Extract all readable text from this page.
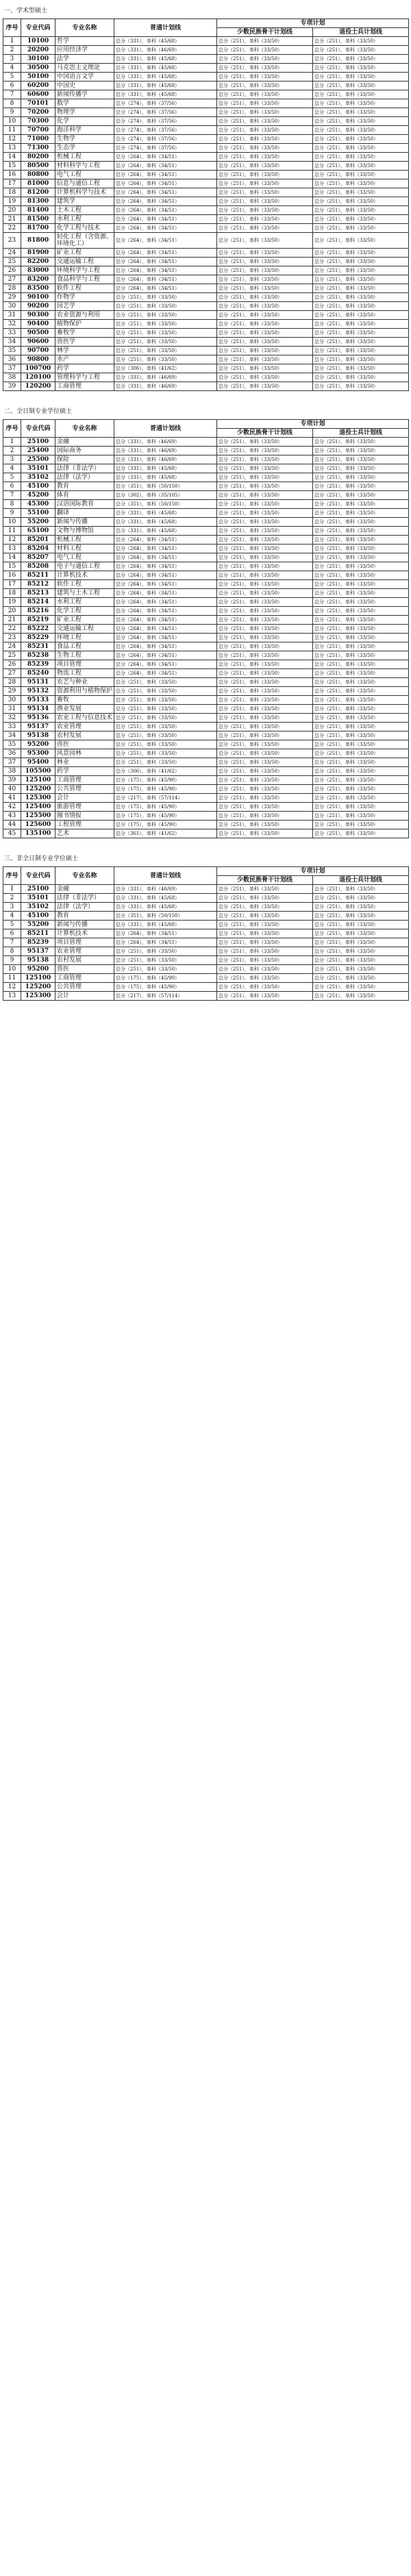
一、学术型硕士
序号	专业代码	专业名称	普通计划线	专项计划	
				少数民族骨干计划线	退役士兵计划线
1	10100	哲学	总分（331），单科（45/68）	总分（251），单科（33/50）	总分（251），单科（33/50）
2	20200	应用经济学	总分（331），单科（46/69）	总分（251），单科（33/50）	总分（251），单科（33/50）
3	30100	法学	总分（331），单科（45/68）	总分（251），单科（33/50）	总分（251），单科（33/50）
4	30500	马克思主义理论	总分（331），单科（45/68）	总分（251），单科（33/50）	总分（251），单科（33/50）
5	50100	中国语言文学	总分（331），单科（45/68）	总分（251），单科（33/50）	总分（251），单科（33/50）
6	60200	中国史	总分（331），单科（45/68）	总分（251），单科（33/50）	总分（251），单科（33/50）
7	60600	新闻传播学	总分（331），单科（45/68）	总分（251），单科（33/50）	总分（251），单科（33/50）
8	70101	数学	总分（274），单科（37/56）	总分（251），单科（33/50）	总分（251），单科（33/50）
9	70200	物理学	总分（274），单科（37/56）	总分（251），单科（33/50）	总分（251），单科（33/50）
10	70300	化学	总分（274），单科（37/56）	总分（251），单科（33/50）	总分（251），单科（33/50）
11	70700	海洋科学	总分（274），单科（37/56）	总分（251），单科（33/50）	总分（251），单科（33/50）
12	71000	生物学	总分（274），单科（37/56）	总分（251），单科（33/50）	总分（251），单科（33/50）
13	71300	生态学	总分（274），单科（37/56）	总分（251），单科（33/50）	总分（251），单科（33/50）
14	80200	机械工程	总分（264），单科（34/51）	总分（251），单科（33/50）	总分（251），单科（33/50）
15	80500	材料科学与工程	总分（264），单科（34/51）	总分（251），单科（33/50）	总分（251），单科（33/50）
16	80800	电气工程	总分（264），单科（34/51）	总分（251），单科（33/50）	总分（251），单科（33/50）
17	81000	信息与通信工程	总分（264），单科（34/51）	总分（251），单科（33/50）	总分（251），单科（33/50）
18	81200	计算机科学与技术	总分（264），单科（34/51）	总分（251），单科（33/50）	总分（251），单科（33/50）
19	81300	建筑学	总分（264），单科（34/51）	总分（251），单科（33/50）	总分（251），单科（33/50）
20	81400	土木工程	总分（264），单科（34/51）	总分（251），单科（33/50）	总分（251），单科（33/50）
21	81500	水利工程	总分（264），单科（34/51）	总分（251），单科（33/50）	总分（251），单科（33/50）
22	81700	化学工程与技术	总分（264），单科（34/51）	总分（251），单科（33/50）	总分（251），单科（33/50）
23	81800	轻化工程（含资源、环境化工）	总分（264），单科（34/51）	总分（251），单科（33/50）	总分（251），单科（33/50）
24	81900	矿业工程	总分（264），单科（34/51）	总分（251），单科（33/50）	总分（251），单科（33/50）
25	82200	交通运输工程	总分（264），单科（34/51）	总分（251），单科（33/50）	总分（251），单科（33/50）
26	83000	环境科学与工程	总分（264），单科（34/51）	总分（251），单科（33/50）	总分（251），单科（33/50）
27	83200	食品科学与工程	总分（264），单科（34/51）	总分（251），单科（33/50）	总分（251），单科（33/50）
28	83500	软件工程	总分（264），单科（34/51）	总分（251），单科（33/50）	总分（251），单科（33/50）
29	90100	作物学	总分（251），单科（33/50）	总分（251），单科（33/50）	总分（251），单科（33/50）
30	90200	园艺学	总分（251），单科（33/50）	总分（251），单科（33/50）	总分（251），单科（33/50）
31	90300	农业资源与利用	总分（251），单科（33/50）	总分（251），单科（33/50）	总分（251），单科（33/50）
32	90400	植物保护	总分（251），单科（33/50）	总分（251），单科（33/50）	总分（251），单科（33/50）
33	90500	畜牧学	总分（251），单科（33/50）	总分（251），单科（33/50）	总分（251），单科（33/50）
34	90600	兽医学	总分（251），单科（33/50）	总分（251），单科（33/50）	总分（251），单科（33/50）
35	90700	林学	总分（251），单科（33/50）	总分（251），单科（33/50）	总分（251），单科（33/50）
36	90800	水产	总分（251），单科（33/50）	总分（251），单科（33/50）	总分（251），单科（33/50）
37	100700	药学	总分（306），单科（41/62）	总分（251），单科（33/50）	总分（251），单科（33/50）
38	120100	管理科学与工程	总分（331），单科（46/69）	总分（251），单科（33/50）	总分（251），单科（33/50）
39	120200	工商管理	总分（331），单科（46/69）	总分（251），单科（33/50）	总分（251），单科（33/50）
二、全日制专业学位硕士
序号	专业代码	专业名称	普通计划线	专项计划	
				少数民族骨干计划线	退役士兵计划线
1	25100	金融	总分（331），单科（46/69）	总分（251），单科（33/50）	总分（251），单科（33/50）
2	25400	国际商务	总分（331），单科（46/69）	总分（251），单科（33/50）	总分（251），单科（33/50）
3	25500	保险	总分（331），单科（46/69）	总分（251），单科（33/50）	总分（251），单科（33/50）
4	35101	法律（非法学）	总分（331），单科（45/68）	总分（251），单科（33/50）	总分（251），单科（33/50）
5	35102	法律（法学）	总分（331），单科（45/68）	总分（251），单科（33/50）	总分（251），单科（33/50）
6	45100	教育	总分（351），单科（50/150）	总分（251），单科（33/50）	总分（251），单科（33/50）
7	45200	体育	总分（302），单科（35/105）	总分（251），单科（33/50）	总分（251），单科（33/50）
8	45300	汉语国际教育	总分（351），单科（50/150）	总分（251），单科（33/50）	总分（251），单科（33/50）
9	55100	翻译	总分（331），单科（45/68）	总分（251），单科（33/50）	总分（251），单科（33/50）
10	55200	新闻与传播	总分（331），单科（45/68）	总分（251），单科（33/50）	总分（251），单科（33/50）
11	65100	文物与博物馆	总分（331），单科（45/68）	总分（251），单科（33/50）	总分（251），单科（33/50）
12	85201	机械工程	总分（264），单科（34/51）	总分（251），单科（33/50）	总分（251），单科（33/50）
13	85204	材料工程	总分（264），单科（34/51）	总分（251），单科（33/50）	总分（251），单科（33/50）
14	85207	电气工程	总分（264），单科（34/51）	总分（251），单科（33/50）	总分（251），单科（33/50）
15	85208	电子与通信工程	总分（264），单科（34/51）	总分（251），单科（33/50）	总分（251），单科（33/50）
16	85211	计算机技术	总分（264），单科（34/51）	总分（251），单科（33/50）	总分（251），单科（33/50）
17	85212	软件工程	总分（264），单科（34/51）	总分（251），单科（33/50）	总分（251），单科（33/50）
18	85213	建筑与土木工程	总分（264），单科（34/51）	总分（251），单科（33/50）	总分（251），单科（33/50）
19	85214	水利工程	总分（264），单科（34/51）	总分（251），单科（33/50）	总分（251），单科（33/50）
20	85216	化学工程	总分（264），单科（34/51）	总分（251），单科（33/50）	总分（251），单科（33/50）
21	85219	矿业工程	总分（264），单科（34/51）	总分（251），单科（33/50）	总分（251），单科（33/50）
22	85222	交通运输工程	总分（264），单科（34/51）	总分（251），单科（33/50）	总分（251），单科（33/50）
23	85229	环境工程	总分（264），单科（34/51）	总分（251），单科（33/50）	总分（251），单科（33/50）
24	85231	食品工程	总分（264），单科（34/51）	总分（251），单科（33/50）	总分（251），单科（33/50）
25	85238	生物工程	总分（264），单科（34/51）	总分（251），单科（33/50）	总分（251），单科（33/50）
26	85239	项目管理	总分（264），单科（34/51）	总分（251），单科（33/50）	总分（251），单科（33/50）
27	85240	物流工程	总分（264），单科（34/51）	总分（251），单科（33/50）	总分（251），单科（33/50）
28	95131	农艺与种业	总分（251），单科（33/50）	总分（251），单科（33/50）	总分（251），单科（33/50）
29	95132	资源利用与植物保护	总分（251），单科（33/50）	总分（251），单科（33/50）	总分（251），单科（33/50）
30	95133	畜牧	总分（251），单科（33/50）	总分（251），单科（33/50）	总分（251），单科（33/50）
31	95134	渔业发展	总分（251），单科（33/50）	总分（251），单科（33/50）	总分（251），单科（33/50）
32	95136	农业工程与信息技术	总分（251），单科（33/50）	总分（251），单科（33/50）	总分（251），单科（33/50）
33	95137	农业管理	总分（251），单科（33/50）	总分（251），单科（33/50）	总分（251），单科（33/50）
34	95138	农村发展	总分（251），单科（33/50）	总分（251），单科（33/50）	总分（251），单科（33/50）
35	95200	兽医	总分（251），单科（33/50）	总分（251），单科（33/50）	总分（251），单科（33/50）
36	95300	风景园林	总分（251），单科（33/50）	总分（251），单科（33/50）	总分（251），单科（33/50）
37	95400	林业	总分（251），单科（33/50）	总分（251），单科（33/50）	总分（251），单科（33/50）
38	105500	药学	总分（306），单科（41/62）	总分（251），单科（33/50）	总分（251），单科（33/50）
39	125100	工商管理	总分（175），单科（45/90）	总分（251），单科（33/50）	总分（251），单科（33/50）
40	125200	公共管理	总分（175），单科（45/90）	总分（251），单科（33/50）	总分（251），单科（33/50）
41	125300	会计	总分（217），单科（57/114）	总分（251），单科（33/50）	总分（251），单科（33/50）
42	125400	旅游管理	总分（175），单科（45/90）	总分（251），单科（33/50）	总分（251），单科（33/50）
43	125500	图书情报	总分（175），单科（45/90）	总分（251），单科（33/50）	总分（251），单科（33/50）
44	125600	工程管理	总分（175），单科（45/90）	总分（251），单科（33/50）	总分（251），单科（33/50）
45	135100	艺术	总分（361），单科（41/62）	总分（251），单科（33/50）	总分（251），单科（33/50）
三、非全日制专业学位硕士
序号	专业代码	专业名称	普通计划线	专项计划	
				少数民族骨干计划线	退役士兵计划线
1	25100	金融	总分（331），单科（46/69）	总分（251），单科（33/50）	总分（251），单科（33/50）
2	35101	法律（非法学）	总分（331），单科（45/68）	总分（251），单科（33/50）	总分（251），单科（33/50）
3	35102	法律（法学）	总分（331），单科（45/68）	总分（251），单科（33/50）	总分（251），单科（33/50）
4	45100	教育	总分（351），单科（50/150）	总分（251），单科（33/50）	总分（251），单科（33/50）
5	55200	新闻与传播	总分（331），单科（45/68）	总分（251），单科（33/50）	总分（251），单科（33/50）
6	85211	计算机技术	总分（264），单科（34/51）	总分（251），单科（33/50）	总分（251），单科（33/50）
7	85239	项目管理	总分（264），单科（34/51）	总分（251），单科（33/50）	总分（251），单科（33/50）
8	95137	农业管理	总分（251），单科（33/50）	总分（251），单科（33/50）	总分（251），单科（33/50）
9	95138	农村发展	总分（251），单科（33/50）	总分（251），单科（33/50）	总分（251），单科（33/50）
10	95200	兽医	总分（251），单科（33/50）	总分（251），单科（33/50）	总分（251），单科（33/50）
11	125100	工商管理	总分（175），单科（45/90）	总分（251），单科（33/50）	总分（251），单科（33/50）
12	125200	公共管理	总分（175），单科（45/90）	总分（251），单科（33/50）	总分（251），单科（33/50）
13	125300	会计	总分（217），单科（57/114）	总分（251），单科（33/50）	总分（251），单科（33/50）
